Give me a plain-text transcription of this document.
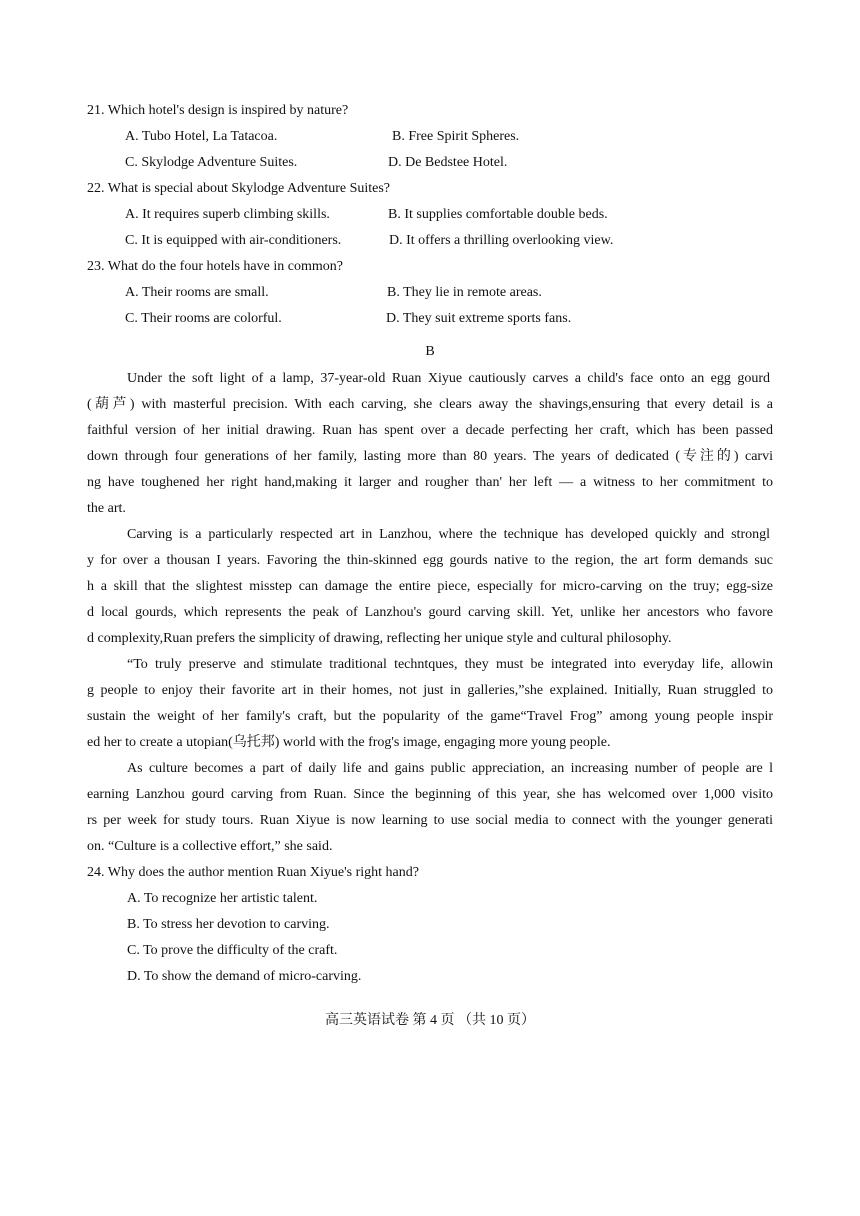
21. Which hotel's design is inspired by nature?
A. Tubo Hotel, La Tatacoa.	B. Free Spirit Spheres.
C. Skylodge Adventure Suites.	D. De Bedstee Hotel.
22. What is special about Skylodge Adventure Suites?
A. It requires superb climbing skills.	B. It supplies comfortable double beds.
C. It is equipped with air-conditioners.	D. It offers a thrilling overlooking view.
23. What do the four hotels have in common?
A. Their rooms are small.	B. They lie in remote areas.
C. Their rooms are colorful.	D. They suit extreme sports fans.
B
Under the soft light of a lamp, 37-year-old Ruan Xiyue cautiously carves a child's face onto an egg gourd
(葫芦) with masterful precision. With each carving, she clears away the shavings,ensuring that every detail is a
faithful version of her initial drawing. Ruan has spent over a decade perfecting her craft, which has been passed
down through four generations of her family, lasting more than 80 years. The years of dedicated (专注的) carvi
ng have toughened her right hand,making it larger and rougher than' her left — a witness to her commitment to
the art.
Carving is a particularly respected art in Lanzhou, where the technique has developed quickly and strongl
y for over a thousan I years. Favoring the thin-skinned egg gourds native to the region, the art form demands suc
h a skill that the slightest misstep can damage the entire piece, especially for micro-carving on the truy; egg-size
d local gourds, which represents the peak of Lanzhou's gourd carving skill. Yet, unlike her ancestors who favore
d complexity,Ruan prefers the simplicity of drawing, reflecting her unique style and cultural philosophy.
“To truly preserve and stimulate traditional techntques, they must be integrated into everyday life, allowin
g people to enjoy their favorite art in their homes, not just in galleries,”she explained. Initially, Ruan struggled to
sustain the weight of her family's craft, but the popularity of the game“Travel Frog” among young people inspir
ed her to create a utopian(乌托邦) world with the frog's image, engaging more young people.
As culture becomes a part of daily life and gains public appreciation, an increasing number of people are l
earning Lanzhou gourd carving from Ruan. Since the beginning of this year, she has welcomed over 1,000 visito
rs per week for study tours. Ruan Xiyue is now learning to use social media to connect with the younger generati
on. “Culture is a collective effort,” she said.
24. Why does the author mention Ruan Xiyue's right hand?
A. To recognize her artistic talent.
B. To stress her devotion to carving.
C. To prove the difficulty of the craft.
D. To show the demand of micro-carving.
高三英语试卷 第 4 页 （共 10 页）
